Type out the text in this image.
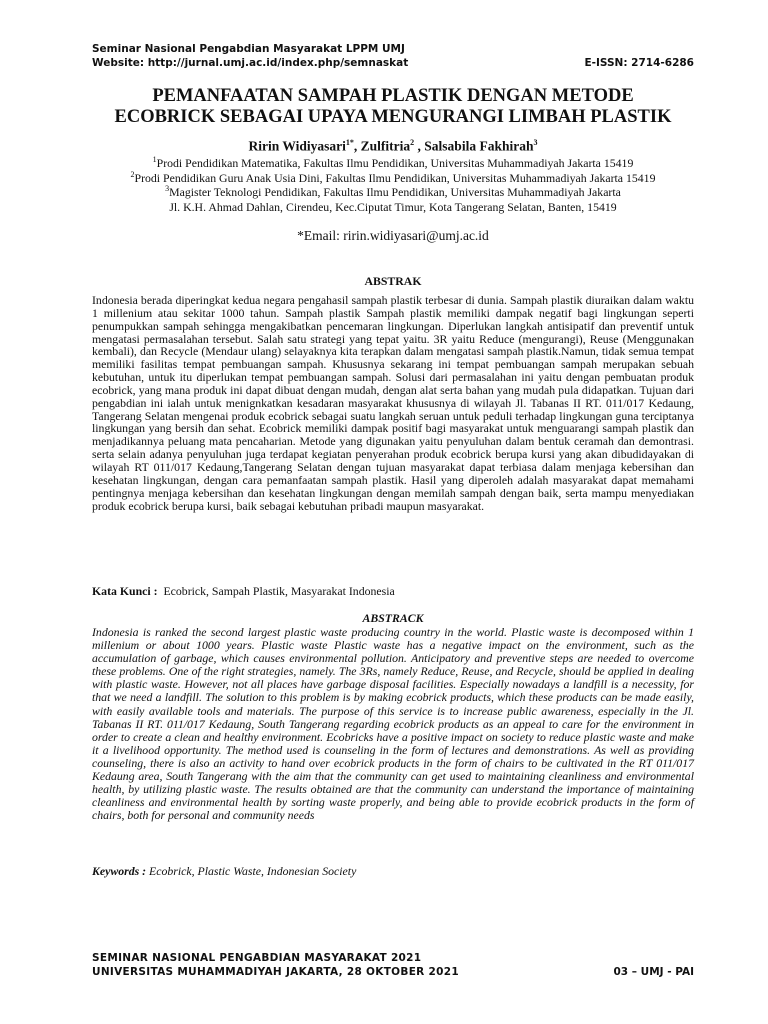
Seminar Nasional Pengabdian Masyarakat LPPM UMJ
Website: http://jurnal.umj.ac.id/index.php/semnaskat	E-ISSN: 2714-6286
PEMANFAATAN SAMPAH PLASTIK DENGAN METODE
ECOBRICK SEBAGAI UPAYA MENGURANGI LIMBAH PLASTIK
Ririn Widiyasari$^{1*}$, Zulfitria$^2$ , Salsabila Fakhirah$^3$
$^1$Prodi Pendidikan Matematika, Fakultas Ilmu Pendidikan, Universitas Muhammadiyah Jakarta 15419
$^2$Prodi Pendidikan Guru Anak Usia Dini, Fakultas Ilmu Pendidikan, Universitas Muhammadiyah Jakarta 15419
$^3$Magister Teknologi Pendidikan, Fakultas Ilmu Pendidikan, Universitas Muhammadiyah Jakarta
Jl. K.H. Ahmad Dahlan, Cirendeu, Kec.Ciputat Timur, Kota Tangerang Selatan, Banten, 15419
*Email: ririn.widiyasari@umj.ac.id
ABSTRAK
Indonesia berada diperingkat kedua negara pengahasil sampah plastik terbesar di dunia. Sampah plastik diuraikan dalam waktu 1 millenium atau sekitar 1000 tahun. Sampah plastik Sampah plastik memiliki dampak negatif bagi lingkungan seperti penumpukkan sampah sehingga mengakibatkan pencemaran lingkungan. Diperlukan langkah antisipatif dan preventif untuk mengatasi permasalahan tersebut. Salah satu strategi yang tepat yaitu. 3R yaitu Reduce (mengurangi), Reuse (Menggunakan kembali), dan Recycle (Mendaur ulang) selayaknya kita terapkan dalam mengatasi sampah plastik.Namun, tidak semua tempat memiliki fasilitas tempat pembuangan sampah. Khususnya sekarang ini tempat pembuangan sampah merupakan sebuah kebutuhan, untuk itu diperlukan tempat pembuangan sampah. Solusi dari permasalahan ini yaitu dengan pembuatan produk ecobrick, yang mana produk ini dapat dibuat dengan mudah, dengan alat serta bahan yang mudah pula didapatkan. Tujuan dari pengabdian ini ialah untuk menignkatkan kesadaran masyarakat khususnya di wilayah Jl. Tabanas II RT. 011/017 Kedaung, Tangerang Selatan mengenai produk ecobrick sebagai suatu langkah seruan untuk peduli terhadap lingkungan guna terciptanya lingkungan yang bersih dan sehat. Ecobrick memiliki dampak positif bagi masyarakat untuk menguarangi sampah plastik dan menjadikannya peluang mata pencaharian. Metode yang digunakan yaitu penyuluhan dalam bentuk ceramah dan demontrasi. serta selain adanya penyuluhan juga terdapat kegiatan penyerahan produk ecobrick berupa kursi yang akan dibudidayakan di wilayah RT 011/017 Kedaung,Tangerang Selatan dengan tujuan masyarakat dapat terbiasa dalam menjaga kebersihan dan kesehatan lingkungan, dengan cara pemanfaatan sampah plastik. Hasil yang diperoleh adalah masyarakat dapat memahami pentingnya menjaga kebersihan dan kesehatan lingkungan dengan memilah sampah dengan baik, serta mampu menyediakan produk ecobrick berupa kursi, baik sebagai kebutuhan pribadi maupun masyarakat.
Kata Kunci : Ecobrick, Sampah Plastik, Masyarakat Indonesia
ABSTRACK
Indonesia is ranked the second largest plastic waste producing country in the world. Plastic waste is decomposed within 1 millenium or about 1000 years. Plastic waste Plastic waste has a negative impact on the environment, such as the accumulation of garbage, which causes environmental pollution. Anticipatory and preventive steps are needed to overcome these problems. One of the right strategies, namely. The 3Rs, namely Reduce, Reuse, and Recycle, should be applied in dealing with plastic waste. However, not all places have garbage disposal facilities. Especially nowadays a landfill is a necessity, for that we need a landfill. The solution to this problem is by making ecobrick products, which these products can be made easily, with easily available tools and materials. The purpose of this service is to increase public awareness, especially in the Jl. Tabanas II RT. 011/017 Kedaung, South Tangerang regarding ecobrick products as an appeal to care for the environment in order to create a clean and healthy environment. Ecobricks have a positive impact on society to reduce plastic waste and make it a livelihood opportunity. The method used is counseling in the form of lectures and demonstrations. As well as providing counseling, there is also an activity to hand over ecobrick products in the form of chairs to be cultivated in the RT 011/017 Kedaung area, South Tangerang with the aim that the community can get used to maintaining cleanliness and environmental health, by utilizing plastic waste. The results obtained are that the community can understand the importance of maintaining cleanliness and environmental health by sorting waste properly, and being able to provide ecobrick products in the form of chairs, both for personal and community needs
Keywords : Ecobrick, Plastic Waste, Indonesian Society
SEMINAR NASIONAL PENGABDIAN MASYARAKAT 2021
UNIVERSITAS MUHAMMADIYAH JAKARTA, 28 OKTOBER 2021	03 – UMJ - PAI
